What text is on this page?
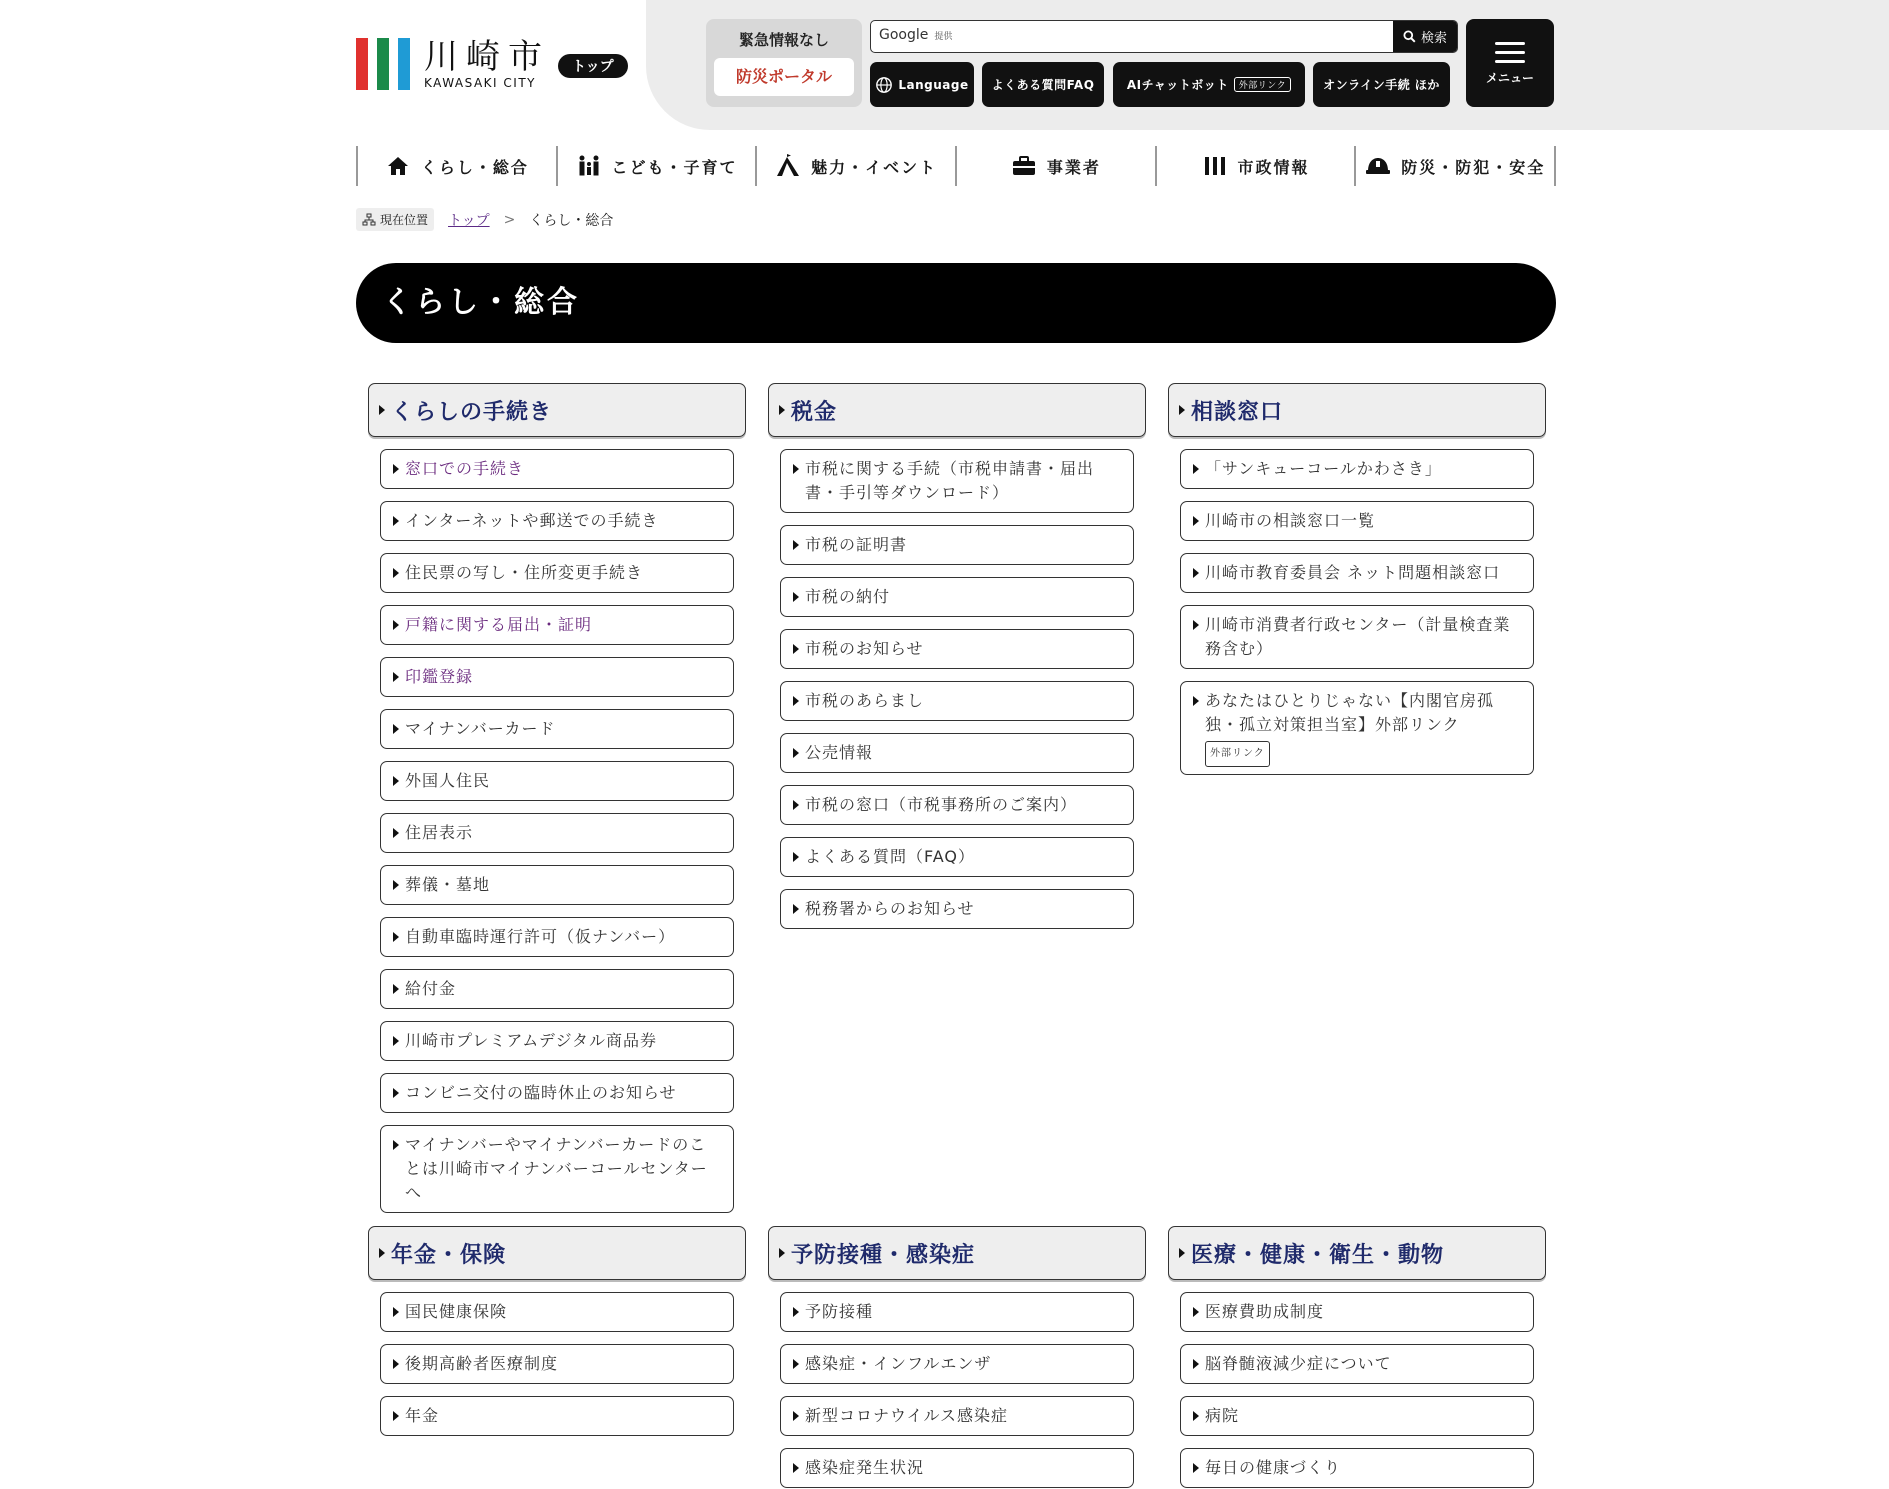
川崎市
KAWASAKI CITY
トップ
緊急情報なし
防災ポータル
Google 提供	検索
Language よくある質問FAQ	AIチャットボット	外部リンク	オンライン手続 ほか	メニュー
くらし・総合	こども・子育て	魅力・イベント	事業者	市政情報	防災・防犯・安全
現在位置 トップ > くらし・総合
くらし・総合
くらしの手続き
窓口での手続き
インターネットや郵送での手続き
住民票の写し・住所変更手続き
戸籍に関する届出・証明
印鑑登録
マイナンバーカード
外国人住民
住居表示
葬儀・墓地
自動車臨時運行許可（仮ナンバー）
給付金
川崎市プレミアムデジタル商品券
コンビニ交付の臨時休止のお知らせ
マイナンバーやマイナンバーカードのことは川崎市マイナンバーコールセンターへ
税金
市税に関する手続（市税申請書・届出書・手引等ダウンロード）
市税の証明書
市税の納付
市税のお知らせ
市税のあらまし
公売情報
市税の窓口（市税事務所のご案内）
よくある質問（FAQ）
税務署からのお知らせ
相談窓口
「サンキューコールかわさき」
川崎市の相談窓口一覧
川崎市教育委員会 ネット問題相談窓口
川崎市消費者行政センター（計量検査業務含む）
あなたはひとりじゃない【内閣官房孤独・孤立対策担当室】外部リンク
外部リンク
年金・保険
国民健康保険
後期高齢者医療制度
年金
予防接種・感染症
予防接種
感染症・インフルエンザ
新型コロナウイルス感染症
感染症発生状況
医療・健康・衛生・動物
医療費助成制度
脳脊髄液減少症について
病院
毎日の健康づくり
